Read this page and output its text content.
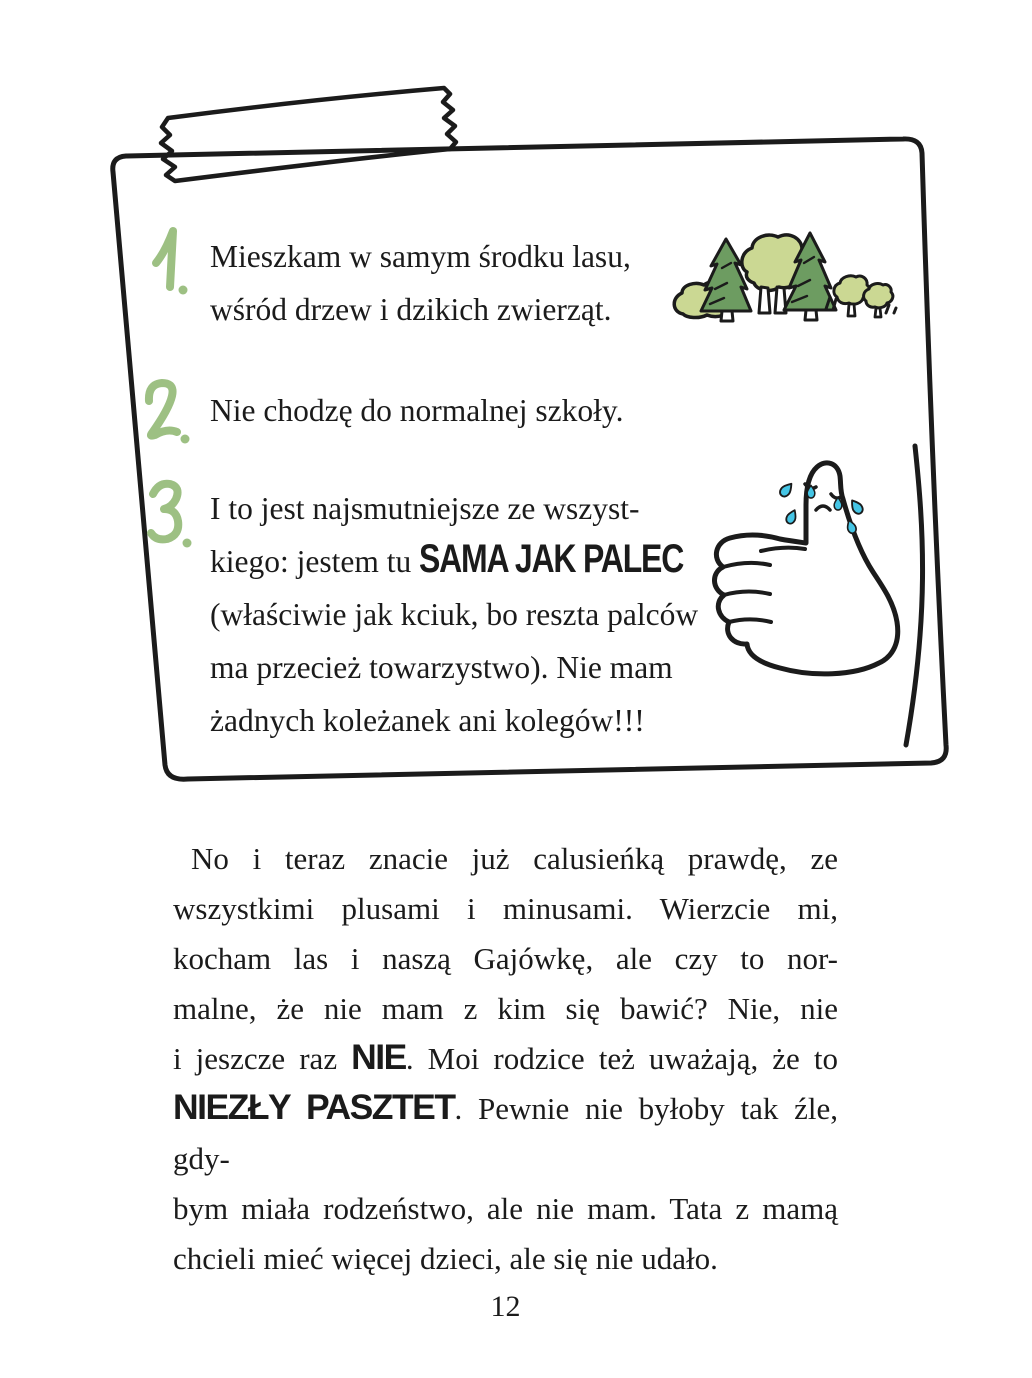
Mieszkam w samym środku lasu,
wśród drzew i dzikich zwierząt.
Nie chodzę do normalnej szkoły.
I to jest najsmutniejsze ze wszyst-
kiego: jestem tu SAMA JAK PALEC
(właściwie jak kciuk, bo reszta palców
ma przecież towarzystwo). Nie mam
żadnych koleżanek ani kolegów!!!
No i teraz znacie już calusieńką prawdę, ze
wszystkimi plusami i minusami. Wierzcie mi,
kocham las i naszą Gajówkę, ale czy to nor-
malne, że nie mam z kim się bawić? Nie, nie
i jeszcze raz NIE. Moi rodzice też uważają, że to
NIEZŁY PASZTET. Pewnie nie byłoby tak źle, gdy-
bym miała rodzeństwo, ale nie mam. Tata z mamą
chcieli mieć więcej dzieci, ale się nie udało.
12
